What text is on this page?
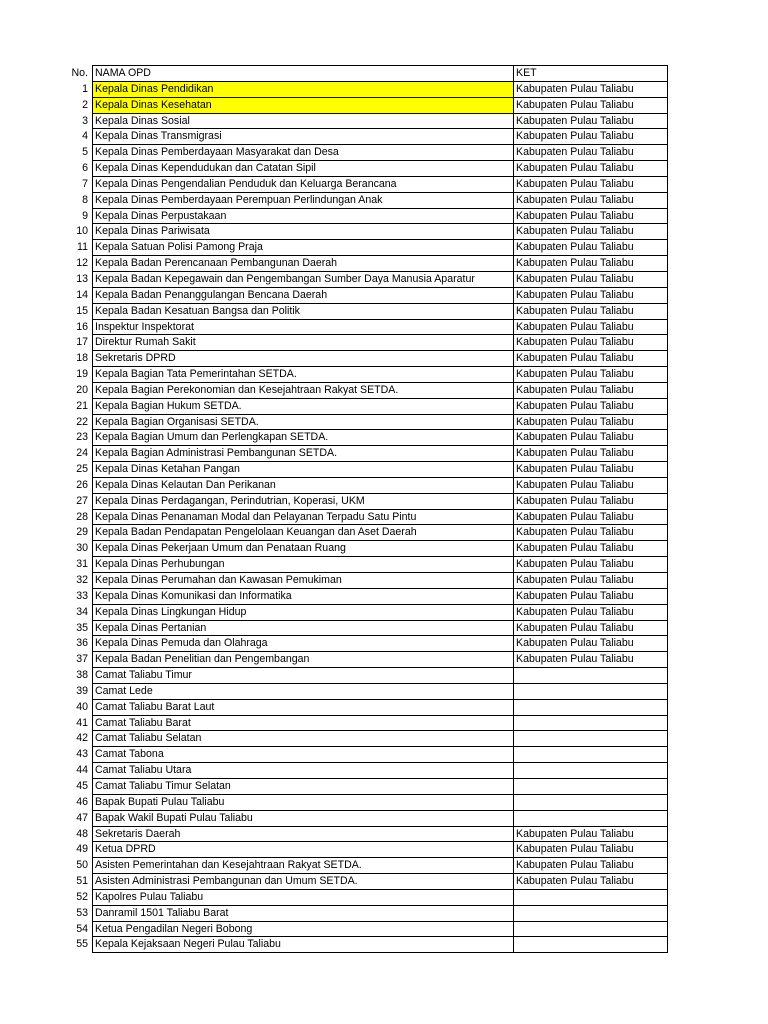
No.	NAMA OPD	KET
1	Kepala Dinas Pendidikan	Kabupaten Pulau Taliabu
2	Kepala Dinas Kesehatan	Kabupaten Pulau Taliabu
3	Kepala Dinas Sosial	Kabupaten Pulau Taliabu
4	Kepala Dinas Transmigrasi	Kabupaten Pulau Taliabu
5	Kepala Dinas Pemberdayaan Masyarakat dan Desa	Kabupaten Pulau Taliabu
6	Kepala Dinas Kependudukan dan Catatan Sipil	Kabupaten Pulau Taliabu
7	Kepala Dinas Pengendalian Penduduk dan Keluarga Berancana	Kabupaten Pulau Taliabu
8	Kepala Dinas Pemberdayaan Perempuan Perlindungan Anak	Kabupaten Pulau Taliabu
9	Kepala Dinas Perpustakaan	Kabupaten Pulau Taliabu
10	Kepala Dinas Pariwisata	Kabupaten Pulau Taliabu
11	Kepala Satuan Polisi Pamong Praja	Kabupaten Pulau Taliabu
12	Kepala Badan Perencanaan Pembangunan Daerah	Kabupaten Pulau Taliabu
13	Kepala Badan Kepegawain dan Pengembangan Sumber Daya Manusia Aparatur	Kabupaten Pulau Taliabu
14	Kepala Badan Penanggulangan Bencana Daerah	Kabupaten Pulau Taliabu
15	Kepala Badan Kesatuan Bangsa dan Politik	Kabupaten Pulau Taliabu
16	Inspektur Inspektorat	Kabupaten Pulau Taliabu
17	Direktur Rumah Sakit	Kabupaten Pulau Taliabu
18	Sekretaris DPRD	Kabupaten Pulau Taliabu
19	Kepala Bagian Tata Pemerintahan SETDA.	Kabupaten Pulau Taliabu
20	Kepala Bagian Perekonomian dan Kesejahtraan Rakyat SETDA.	Kabupaten Pulau Taliabu
21	Kepala Bagian Hukum SETDA.	Kabupaten Pulau Taliabu
22	Kepala Bagian Organisasi SETDA.	Kabupaten Pulau Taliabu
23	Kepala Bagian Umum dan Perlengkapan SETDA.	Kabupaten Pulau Taliabu
24	Kepala Bagian Administrasi Pembangunan SETDA.	Kabupaten Pulau Taliabu
25	Kepala Dinas Ketahan Pangan	Kabupaten Pulau Taliabu
26	Kepala Dinas Kelautan Dan Perikanan	Kabupaten Pulau Taliabu
27	Kepala Dinas Perdagangan, Perindutrian, Koperasi, UKM	Kabupaten Pulau Taliabu
28	Kepala Dinas Penanaman Modal dan Pelayanan Terpadu Satu Pintu	Kabupaten Pulau Taliabu
29	Kepala Badan Pendapatan Pengelolaan Keuangan dan Aset Daerah	Kabupaten Pulau Taliabu
30	Kepala Dinas Pekerjaan Umum dan Penataan Ruang	Kabupaten Pulau Taliabu
31	Kepala Dinas Perhubungan	Kabupaten Pulau Taliabu
32	Kepala Dinas Perumahan dan Kawasan Pemukiman	Kabupaten Pulau Taliabu
33	Kepala Dinas Komunikasi dan Informatika	Kabupaten Pulau Taliabu
34	Kepala Dinas Lingkungan Hidup	Kabupaten Pulau Taliabu
35	Kepala Dinas Pertanian	Kabupaten Pulau Taliabu
36	Kepala Dinas Pemuda dan Olahraga	Kabupaten Pulau Taliabu
37	Kepala Badan Penelitian dan Pengembangan	Kabupaten Pulau Taliabu
38	Camat Taliabu Timur	
39	Camat Lede	
40	Camat Taliabu Barat Laut	
41	Camat Taliabu Barat	
42	Camat Taliabu Selatan	
43	Camat Tabona	
44	Camat Taliabu Utara	
45	Camat Taliabu Timur Selatan	
46	Bapak Bupati Pulau Taliabu	
47	Bapak Wakil Bupati Pulau Taliabu	
48	Sekretaris Daerah	Kabupaten Pulau Taliabu
49	Ketua DPRD	Kabupaten Pulau Taliabu
50	Asisten Pemerintahan dan Kesejahtraan Rakyat SETDA.	Kabupaten Pulau Taliabu
51	Asisten Administrasi Pembangunan dan Umum SETDA.	Kabupaten Pulau Taliabu
52	Kapolres Pulau Taliabu	
53	Danramil 1501 Taliabu Barat	
54	Ketua Pengadilan Negeri Bobong	
55	Kepala Kejaksaan Negeri Pulau Taliabu	
